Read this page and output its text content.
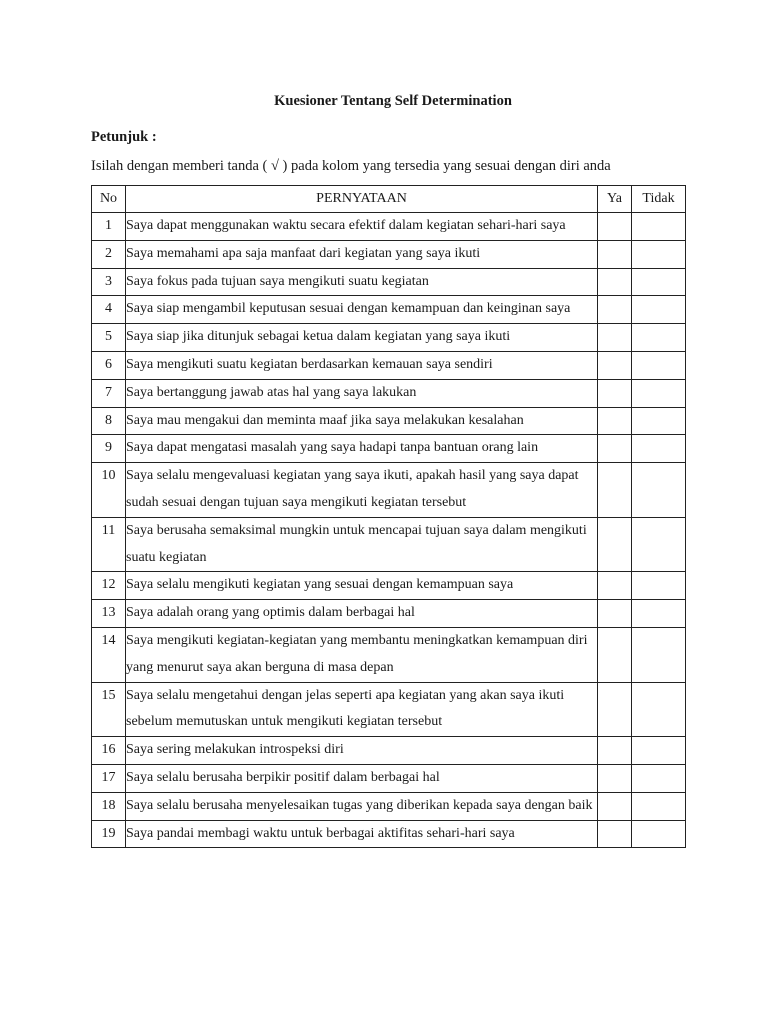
Kuesioner Tentang Self Determination
Petunjuk :
Isilah dengan memberi tanda ( √ ) pada kolom yang tersedia yang sesuai dengan diri anda
No	PERNYATAAN	Ya	Tidak
1	Saya dapat menggunakan waktu secara efektif dalam kegiatan sehari-hari saya		
2	Saya memahami apa saja manfaat dari kegiatan yang saya ikuti		
3	Saya fokus pada tujuan saya mengikuti suatu kegiatan		
4	Saya siap mengambil keputusan sesuai dengan kemampuan dan keinginan saya		
5	Saya siap jika ditunjuk sebagai ketua dalam kegiatan yang saya ikuti		
6	Saya mengikuti suatu kegiatan berdasarkan kemauan saya sendiri		
7	Saya bertanggung jawab atas hal yang saya lakukan		
8	Saya mau mengakui dan meminta maaf jika saya melakukan kesalahan		
9	Saya dapat mengatasi masalah yang saya hadapi tanpa bantuan orang lain		
10	Saya selalu mengevaluasi kegiatan yang saya ikuti, apakah hasil yang saya dapat sudah sesuai dengan tujuan saya mengikuti kegiatan tersebut		
11	Saya berusaha semaksimal mungkin untuk mencapai tujuan saya dalam mengikuti suatu kegiatan		
12	Saya selalu mengikuti kegiatan yang sesuai dengan kemampuan saya		
13	Saya adalah orang yang optimis dalam berbagai hal		
14	Saya mengikuti kegiatan-kegiatan yang membantu meningkatkan kemampuan diri yang menurut saya akan berguna di masa depan		
15	Saya selalu mengetahui dengan jelas seperti apa kegiatan yang akan saya ikuti sebelum memutuskan untuk mengikuti kegiatan tersebut		
16	Saya sering melakukan introspeksi diri		
17	Saya selalu berusaha berpikir positif dalam berbagai hal		
18	Saya selalu berusaha menyelesaikan tugas yang diberikan kepada saya dengan baik		
19	Saya pandai membagi waktu untuk berbagai aktifitas sehari-hari saya		
